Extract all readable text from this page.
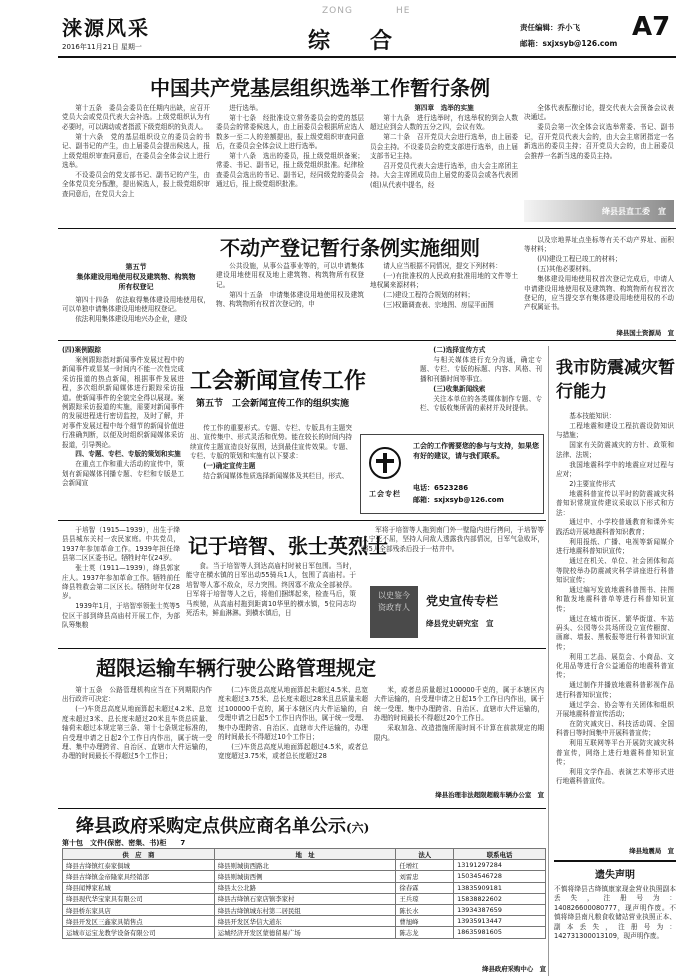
涞源风采
2016年11月21日 星期一
ZONG	HE
综 合
责任编辑：乔小飞
邮箱：sxjxsyb@126.com
A7
中国共产党基层组织选举工作暂行条例

第十五条　委员会委员在任期内出缺，应召开党员大会或党员代表大会补选。上级党组织认为有必要时，可以调动或者指派下级党组织的负责人。

第十六条　党的基层组织设立的委员会的书记、副书记的产生，由上届委员会提出候选人，报上级党组织审查同意后，在委员会全体会议上进行选举。

不设委员会的党支部书记、副书记的产生，由全体党员充分酝酿，提出候选人，报上级党组织审查同意后，在党员大会上

进行选举。

第十七条　经批准设立常务委员会的党的基层委员会的常委候选人，由上届委员会根据所应选人数多一至二人的差额提出，报上级党组织审查同意后，在委员会全体会议上进行选举。

第十八条　选出的委员，报上级党组织备案；常委、书记、副书记，报上级党组织批准。纪律检查委员会选出的书记、副书记，经同级党的委员会通过后，报上级党组织批准。

第四章　选举的实施

第十九条　进行选举时，有选举权的到会人数超过应到会人数的五分之四，会议有效。

第二十条　召开党员大会进行选举，由上届委员会主持。不设委员会的党支部进行选举，由上届支部书记主持。

召开党员代表大会进行选举，由大会主席团主持。大会主席团成员由上届党的委员会或各代表团(组)从代表中提名，经

全体代表酝酿讨论，提交代表大会预备会议表决通过。

委员会第一次全体会议选举常委、书记、副书记，召开党员代表大会的，由大会主席团指定一名新选出的委员主持；召开党员大会的，由上届委员会推荐一名新当选的委员主持。

绛县县直工委　宣
不动产登记暂行条例实施细则
第五节
集体建设用地使用权及建筑物、构筑物
所有权登记

第四十四条　依法取得集体建设用地使用权，可以单独申请集体建设用地使用权登记。

依法利用集体建设用地兴办企业，建设

公共设施，从事公益事业等的，可以申请集体建设用地使用权及地上建筑物、构筑物所有权登记。

第四十五条　申请集体建设用地使用权及建筑物、构筑物所有权首次登记的，申

请人应当根据不同情况，提交下列材料：

(一)有批准权的人民政府批准用地的文件等土地权属来源材料；

(二)建设工程符合规划的材料；

(三)权籍调查表、宗地图、房屋平面图

以及宗地界址点坐标等有关不动产界址、面积等材料；

(四)建设工程已竣工的材料；

(五)其他必要材料。

集体建设用地使用权首次登记完成后，申请人申请建设用地使用权及建筑物、构筑物所有权首次登记的，应当提交享有集体建设用地使用权的不动产权属证书。

绛县国土资源局　宣

(四)案例跟踪

案例跟踪指对新闻事件发展过程中的新闻事件或显某一时间内不能一次性完成采访报道的热点新闻，根据事件发展进程，多次组织新闻媒体进行跟踪采访报道。使新闻事件的全貌完全得以展现。案例跟踪采访报道的实施，需要对新闻事件的发展进程进行密切监控，及时了解，并对事件发展过程中每个细节的新闻价值进行准确判断，以便及时组织新闻媒体采访报道，引导舆论。

四、专题、专栏、专版的策划和实施

在重点工作和重大活动的宣传中，策划有新闻媒体刊播专题、专栏和专版是工会新闻宣

工会新闻宣传工作
第五节　工会新闻宣传工作的组织实施

传工作的重要形式。专题、专栏、专版具有主题突出、宣传集中、形式灵活和优势。能在较长的时间内持续宣传主题宣造良好氛围，达到最佳宣传效果。专题、专栏、专版的策划和实施有以下要求：

(一)确定宣传主题

结合新闻媒体性质选择新闻媒体及其栏目，形式、

(二)选择宣传方式

与相关媒体进行充分沟通，确定专题、专栏、专版的标题、内容、风格、刊播和刊播时间等事宜。

(三)收集新闻线索

关注本单位的各类媒体制作专题、专栏、专版收集所需的素材并及时提供。

工会专栏
工会的工作需要您的参与与支持，如果您有好的建议，请与我们联系。
电话：6523286
邮箱：sxjxsyb@126.com
我市防震减灾暂行能力

基本技能知识：

工程地震和建设工程抗震设防知识与措施；

国家有关防震减灾的方针、政策和法律、法规；

我国地震科学中的地震应对过程与应对；

2)主要宣传形式

地震科普宣传以平时的防震减灾科普知识常规宣传建议采取以下形式和方法：

通过中、小学校普通教育和课外实践活动开展地震科普知识教育；

利用报纸、广播、电视等新闻媒介进行地震科普知识宣传；

通过在机关、单位、社会团体和高等院校举办防震减灾科学讲座进行科普知识宣传；

通过编写发放地震科普图书、挂图和散发地震科普单等进行科普知识宣传；

通过在城市街区、繁华街道、车站码头、公园等公共场所设立宣传橱窗、画廊、墙报、黑板报等进行科普知识宣传；

利用工艺品、展览会、小商品、文化用品等进行含公益通俗的地震科普宣传；

通过制作并播放地震科普影视作品进行科普知识宣传；

通过学会、协会等有关团体和组织开展地震科普宣传活动；

在防灾减灾日、科技活动周、全国科普日等时间集中开展科普宣传；

利用互联网等平台开展防灾减灾科普宣传，网络上进行地震科普知识宣传；

利用文学作品、表演艺术等形式进行地震科普宣传。

绛县地震局　宣
遗失声明
不慎将绛县古绛镇康家现金营业执照副本丢失，注册号为：140826600080777，现声明作废。不慎将绛县南凡粮食收储站营业执照正本、副本丢失，注册号为：142731300013109，现声明作废。

于培智（1915—1939），出生于绛县县城东关村一农民家庭。中共党员，1937年参加革命工作。1939年担任绛县第二区区委书记。牺牲时年仅24岁。

张士英（1911—1939），绛县郭家庄人。1937年参加革命工作。牺牲前任绛县牲救会第二区区长。牺牲时年仅28岁。

1939年1月，于培智率领张士英等5位区干部到绛县高庙村开展工作，为部队筹集粮

记于培智、张士英烈士

食。当于培智等人到达高庙村时被日军包围。当时，能守在横水镇的日军出动55骑兵1人，包围了高庙村。于培智等人寡不敌众，尽力突围。终因寡不敌众全部被俘。日军将于培智等人之后，将他们捆绑起来，检查马后，策马疾驰，从高庙村拖到距离10华里的横水镇，5位同志均死活未，鲜血淋淋。到横水镇后，日

军将于培智等人拖到南门外一壁隐内进行拷问，于培智等人宁死不屈，坚持人问敌人透露我内部情况，日军气急败坏，将5人全部残杀后投于一枯井中。

以史鉴今　资政育人	党史宣传专栏
绛县党史研究室　宣
超限运输车辆行驶公路管理规定

第十五条　公路管理机构应当在下列期限内作出行政许可决定：

(一)车货总高度从地面算起未超过4.2米、总宽度未超过3米、总长度未超过20米且车货总质量、轴荷未超过本规定第三条、第十七条规定标准的，自受理申请之日起2个工作日内作出，属于统一受理、集中办理跨省、自治区、直辖市大件运输的，办理的时间最长不得超过5个工作日；

(二)车货总高度从地面算起未超过4.5米、总宽度未超过3.75米、总长度未超过28米且总质量未超过100000千克的，属于本辖区内大件运输的，自受理申请之日起5个工作日内作出，属于统一受理、集中办理跨省、自治区、直辖市大件运输的，办理的时间最长不得超过10个工作日；

(三)车货总高度从地面算起超过4.5米，或者总宽度超过3.75米，或者总长度超过28

米，或者总质量超过100000千克的，属于本辖区内大件运输的，自受理申请之日起15个工作日内作出，属于统一受理、集中办理跨省、自治区、直辖市大件运输的，办理的时间最长不得超过20个工作日。

采取加急、改造措施所需时间不计算在前款规定的期限内。

绛县治理非法超限超载车辆办公室　宣
绛县政府采购定点供应商名单公示(六)
第十包　文件(保密、密集、书)柜　　7
供　应　商	地　址	法人	联系电话
绛县古绛镇红泰家俱城	绛县则城街西路北	任增红	13191297284
绛县古绛镇金帝隆家具经销部	绛县则城街西侧	刘雷忠	15034546728
绛县闻博家私城	绛县太公北路	徐春霖	13835909181
绛县现代华宝家具有限公司	绛县古绛镇石家店镇李家村	王兵琼	15838822602
绛县桥东家具店	绛县古绛镇城东村第二居民组	陈长水	13934387659
绛县开发区三鑫家具销售点	绛县开发区华信大道东	曹旭峰	13935913447
运城市运宝龙教学设备有限公司	运城经济开发区蒙德留易广场	陈志龙	18635981605
绛县政府采购中心　宣
